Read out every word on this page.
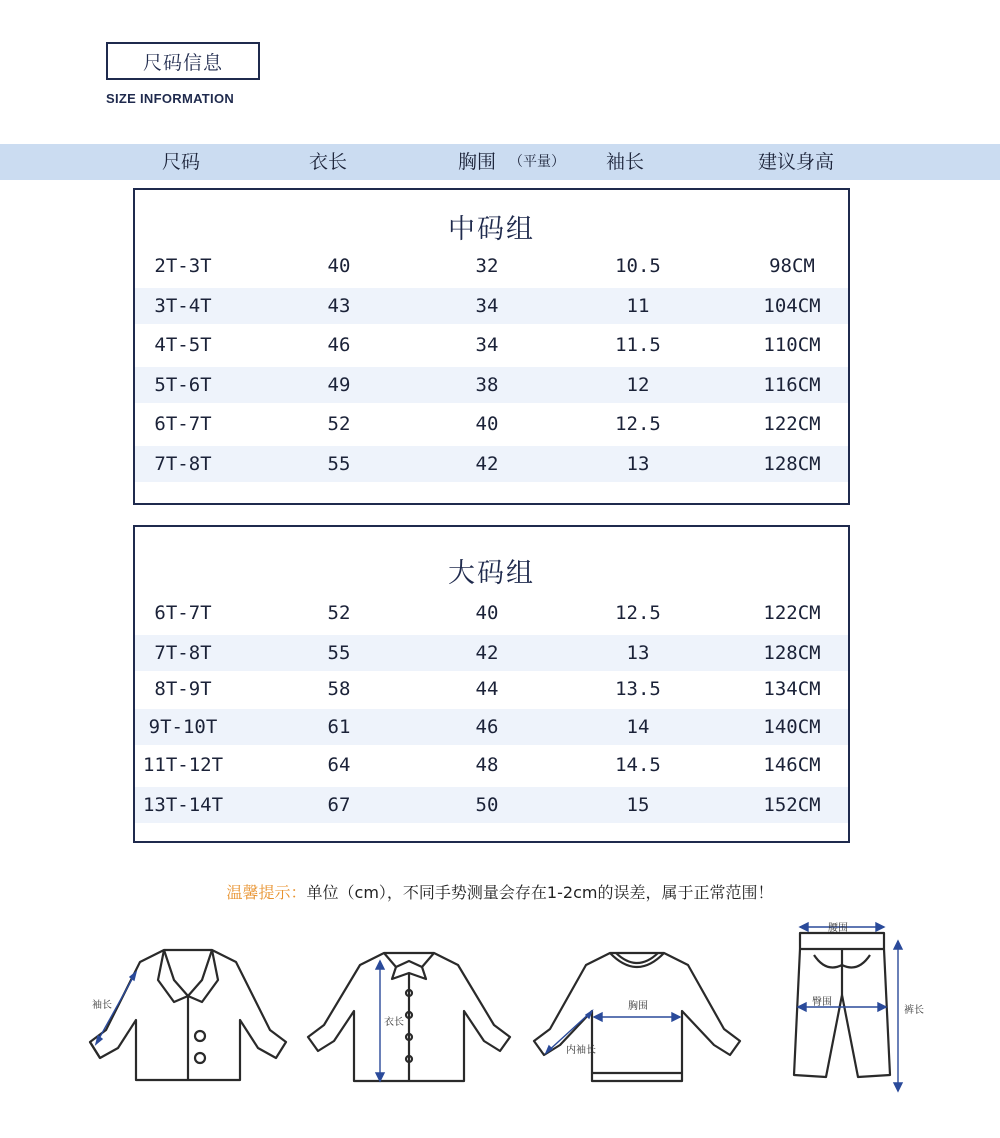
尺码信息
SIZE INFORMATION
尺码	衣长	胸围 （平量） 袖长	建议身高
中码组
2T-3T	40	32	10.5	98CM
3T-4T	43	34	11	104CM
4T-5T	46	34	11.5	110CM
5T-6T	49	38	12	116CM
6T-7T	52	40	12.5	122CM
7T-8T	55	42	13	128CM
大码组
6T-7T	52	40	12.5	122CM
7T-8T	55	42	13	128CM
8T-9T	58	44	13.5	134CM
9T-10T	61	46	14	140CM
11T-12T	64	48	14.5	146CM
13T-14T	67	50	15	152CM
温馨提示：单位（cm），不同手势测量会存在1-2cm的误差，属于正常范围！
袖长
衣长
胸围
内袖长
腰围
臀围
裤长
